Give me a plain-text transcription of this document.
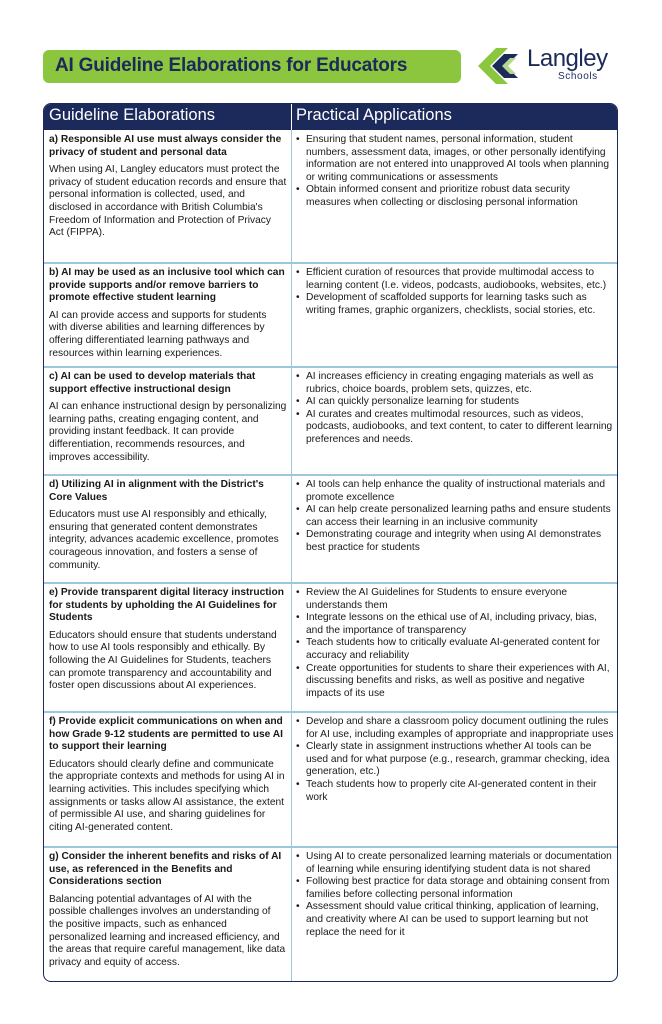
AI Guideline Elaborations for Educators	Langley
Schools
Guideline Elaborations	Practical Applications

a) Responsible AI use must always consider the privacy of student and personal data

When using AI, Langley educators must protect the privacy of student education records and ensure that personal information is collected, used, and disclosed in accordance with British Columbia's Freedom of Information and Protection of Privacy Act (FIPPA).

• Ensuring that student names, personal information, student numbers, assessment data, images, or other personally identifying information are not entered into unapproved AI tools when planning or writing communications or assessments
• Obtain informed consent and prioritize robust data security measures when collecting or disclosing personal information

b) AI may be used as an inclusive tool which can provide supports and/or remove barriers to promote effective student learning

AI can provide access and supports for students with diverse abilities and learning differences by offering differentiated learning pathways and resources within learning experiences.

• Efficient curation of resources that provide multimodal access to learning content (I.e. videos, podcasts, audiobooks, websites, etc.)
• Development of scaffolded supports for learning tasks such as writing frames, graphic organizers, checklists, social stories, etc.

c) AI can be used to develop materials that support effective instructional design

AI can enhance instructional design by personalizing learning paths, creating engaging content, and providing instant feedback. It can provide differentiation, recommends resources, and improves accessibility.

• AI increases efficiency in creating engaging materials as well as rubrics, choice boards, problem sets, quizzes, etc.
• AI can quickly personalize learning for students
• AI curates and creates multimodal resources, such as videos, podcasts, audiobooks, and text content, to cater to different learning preferences and needs.

d) Utilizing AI in alignment with the District's Core Values

Educators must use AI responsibly and ethically, ensuring that generated content demonstrates integrity, advances academic excellence, promotes courageous innovation, and fosters a sense of community.

• AI tools can help enhance the quality of instructional materials and promote excellence
• AI can help create personalized learning paths and ensure students can access their learning in an inclusive community
• Demonstrating courage and integrity when using AI demonstrates best practice for students

e) Provide transparent digital literacy instruction for students by upholding the AI Guidelines for Students

Educators should ensure that students understand how to use AI tools responsibly and ethically. By following the AI Guidelines for Students, teachers can promote transparency and accountability and foster open discussions about AI experiences.

• Review the AI Guidelines for Students to ensure everyone understands them
• Integrate lessons on the ethical use of AI, including privacy, bias, and the importance of transparency
• Teach students how to critically evaluate AI-generated content for accuracy and reliability
• Create opportunities for students to share their experiences with AI, discussing benefits and risks, as well as positive and negative impacts of its use

f) Provide explicit communications on when and how Grade 9-12 students are permitted to use AI to support their learning

Educators should clearly define and communicate the appropriate contexts and methods for using AI in learning activities. This includes specifying which assignments or tasks allow AI assistance, the extent of permissible AI use, and sharing guidelines for citing AI-generated content.

• Develop and share a classroom policy document outlining the rules for AI use, including examples of appropriate and inappropriate uses
• Clearly state in assignment instructions whether AI tools can be used and for what purpose (e.g., research, grammar checking, idea generation, etc.)
• Teach students how to properly cite AI-generated content in their work

g) Consider the inherent benefits and risks of AI use, as referenced in the Benefits and Considerations section

Balancing potential advantages of AI with the possible challenges involves an understanding of the positive impacts, such as enhanced personalized learning and increased efficiency, and the areas that require careful management, like data privacy and equity of access.

• Using AI to create personalized learning materials or documentation of learning while ensuring identifying student data is not shared
• Following best practice for data storage and obtaining consent from families before collecting personal information
• Assessment should value critical thinking, application of learning, and creativity where AI can be used to support learning but not replace the need for it
